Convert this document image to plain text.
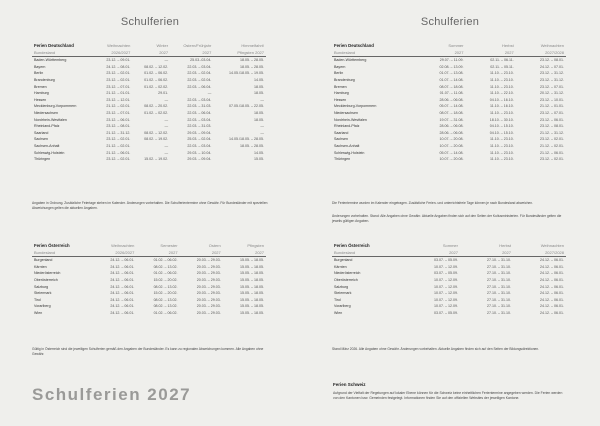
Schulferien
Ferien Deutschland	Weihnachten	Winter	Ostern/Frühjahr	Himmelfahrt/
Bundesland	2026/2027	2027	2027	Pfingsten 2027
Baden-Württemberg	23.12. – 09.01.	—	25.03.-03.04.	18.05. – 28.05.
Bayern	24.12. – 08.01.	08.02. – 12.02.	22.03. – 03.04.	18.05. – 28.05.
Berlin	23.12. – 02.01.	01.02. – 06.02.	22.03. – 02.04.	14.05./18.05. – 19.05.
Brandenburg	23.12. – 02.01.	01.02. – 06.02.	22.03. – 02.04.	14.05.
Bremen	23.12. – 07.01.	01.02. – 02.02.	22.03. – 06.04.	18.05.
Hamburg	21.12. – 01.01.	29.01.	—	18.05.
Hessen	23.12. – 12.01.	—	22.03. – 03.04.	—
Mecklenburg-Vorpommern	21.12. – 02.01.	08.02. – 20.02.	22.03. – 31.03.	07.05./18.05. – 22.05.
Niedersachsen	23.12. – 07.01.	01.02. – 02.02.	22.03. – 06.04.	18.05.
Nordrhein-Westfalen	23.12. – 06.01.	—	22.03. – 03.04.	18.05.
Rheinland-Pfalz	23.12. – 08.01.	—	22.03. – 31.03.	—
Saarland	21.12. – 31.12.	08.02. – 12.02.	29.03. – 09.04.	—
Sachsen	23.12. – 02.01.	08.02. – 19.02.	25.03. – 02.04.	14.05./18.05. – 28.05.
Sachsen-Anhalt	21.12. – 02.01.	—	22.03. – 03.04.	18.05. – 28.05.
Schleswig-Holstein	21.12. – 06.01.	—	29.03. – 10.04.	14.05.
Thüringen	23.12. – 02.01.	15.02. – 19.02.	29.03. – 09.04.	15.05.
Angaben in Ordnung. Zusätzliche Feiertage stehen im Kalender. Änderungen vorbehalten. Die Schulferientermine ohne Gewähr. Für Bundesländer mit speziellen Abweichungen gelten die aktuellen Angaben.
Ferien Österreich	Weihnachten	Semester	Ostern	Pfingsten
Bundesland	2026/2027	2027	2027	2027
Burgenland	24.12. – 06.01.	01.02. – 06.02.	20.03. – 29.03.	15.05. – 18.05.
Kärnten	24.12. – 06.01.	08.02. – 13.02.	20.03. – 29.03.	15.05. – 18.05.
Niederösterreich	24.12. – 06.01.	01.02. – 06.02.	20.03. – 29.03.	15.05. – 18.05.
Oberösterreich	24.12. – 06.01.	15.02. – 20.02.	20.03. – 29.03.	15.05. – 18.05.
Salzburg	24.12. – 06.01.	08.02. – 13.02.	20.03. – 29.03.	15.05. – 18.05.
Steiermark	24.12. – 06.01.	15.02. – 20.02.	20.03. – 29.03.	15.05. – 18.05.
Tirol	24.12. – 06.01.	08.02. – 13.02.	20.03. – 29.03.	15.05. – 18.05.
Vorarlberg	24.12. – 06.01.	08.02. – 13.02.	20.03. – 29.03.	15.05. – 18.05.
Wien	24.12. – 06.01.	01.02. – 06.02.	20.03. – 29.03.	15.05. – 18.05.
Gültig in Österreich sind die jeweiligen Schulferien gemäß den Angaben der Bundesländer. Es kann zu regionalen Abweichungen kommen. Alle Angaben ohne Gewähr.
Schulferien 2027
Schulferien
Ferien Deutschland	Sommer	Herbst	Weihnachten
Bundesland	2027	2027	2027/2028
Baden-Württemberg	29.07. – 11.09.	02.11. – 06.11.	23.12. – 08.01.
Bayern	02.08. – 13.09.	02.11. – 05.11.	24.12. – 07.01.
Berlin	01.07. – 13.08.	11.10. – 23.10.	23.12. – 31.12.
Brandenburg	01.07. – 14.08.	11.10. – 23.10.	23.12. – 31.12.
Bremen	08.07. – 18.08.	11.10. – 23.10.	23.12. – 07.01.
Hamburg	01.07. – 11.08.	11.10. – 22.10.	20.12. – 31.12.
Hessen	28.06. – 06.08.	04.10. – 16.10.	23.12. – 10.01.
Mecklenburg-Vorpommern	05.07. – 14.08.	11.10. – 16.10.	21.12. – 01.01.
Niedersachsen	08.07. – 18.08.	11.10. – 23.10.	23.12. – 07.01.
Nordrhein-Westfalen	19.07. – 31.08.	18.10. – 30.10.	23.12. – 06.01.
Rheinland-Pfalz	28.06. – 06.08.	04.10. – 15.10.	23.12. – 08.01.
Saarland	28.06. – 06.08.	04.10. – 15.10.	21.12. – 31.12.
Sachsen	10.07. – 20.08.	11.10. – 23.10.	23.12. – 02.01.
Sachsen-Anhalt	10.07. – 20.08.	11.10. – 23.10.	21.12. – 02.01.
Schleswig-Holstein	05.07. – 14.08.	11.10. – 23.10.	21.12. – 06.01.
Thüringen	10.07. – 20.08.	11.10. – 23.10.	23.12. – 02.01.
Die Ferientermine wurden im Kalender eingetragen. Zusätzliche Ferien- und unterrichtsfreie Tage können je nach Bundesland abweichen.
Änderungen vorbehalten. Stand: Alle Angaben ohne Gewähr. Aktuelle Angaben finden sich auf den Seiten der Kultusministerien. Für Bundesländer gelten die jeweils gültigen Angaben.
Ferien Österreich	Sommer	Herbst	Weihnachten
Bundesland	2027	2027	2027/2028
Burgenland	03.07. – 05.09.	27.10. – 31.10.	24.12. – 06.01.
Kärnten	10.07. – 12.09.	27.10. – 31.10.	24.12. – 06.01.
Niederösterreich	03.07. – 05.09.	27.10. – 31.10.	24.12. – 06.01.
Oberösterreich	10.07. – 12.09.	27.10. – 31.10.	24.12. – 06.01.
Salzburg	10.07. – 12.09.	27.10. – 31.10.	24.12. – 06.01.
Steiermark	10.07. – 12.09.	27.10. – 31.10.	24.12. – 06.01.
Tirol	10.07. – 12.09.	27.10. – 31.10.	24.12. – 06.01.
Vorarlberg	10.07. – 12.09.	27.10. – 31.10.	24.12. – 06.01.
Wien	03.07. – 05.09.	27.10. – 31.10.	24.12. – 06.01.
Stand März 2026. Alle Angaben ohne Gewähr. Änderungen vorbehalten. Aktuelle Angaben finden sich auf den Seiten der Bildungsdirektionen.
Ferien Schweiz
Aufgrund der Vielfalt der Regelungen auf lokaler Ebene können für die Schweiz keine einheitlichen Ferientermine angegeben werden. Die Ferien werden von den Kantonen bzw. Gemeinden festgelegt. Informationen finden Sie auf den offiziellen Websites der jeweiligen Kantone.
